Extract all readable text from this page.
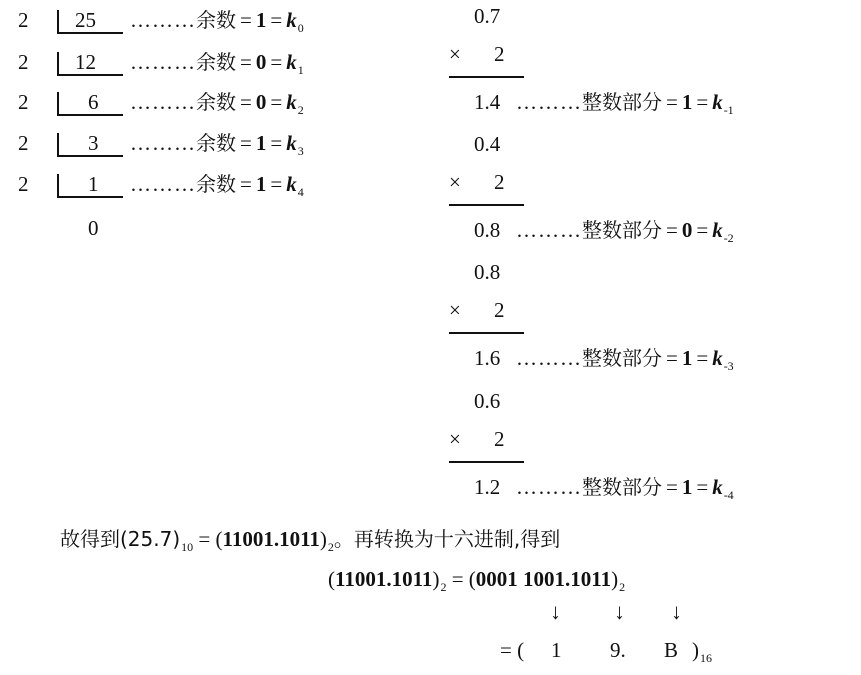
0
故得到$(25.7)_{10} = (11001.1011)_2$。再转换为十六进制,得到
$(11001.1011)_2 = (0001$ $1001.1011)_2$
↓ ↓ ↓
= ( 1 9. B )$_{16}$
2 25 ………余数 = $1 = k_0$
2 12 ………余数 = $0 = k_1$
2	6 ………余数 = $0 = k_2$
2	3 ………余数 = $1 = k_3$
2	1 ………余数 = $1 = k_4$
0.7
× 2
1.4 ………整数部分 = $1 = k_{-1}$
0.4
× 2
0.8 ………整数部分 = $0 = k_{-2}$
0.8
× 2
1.6 ………整数部分 = $1 = k_{-3}$
0.6
× 2
1.2 ………整数部分 = $1 = k_{-4}$
